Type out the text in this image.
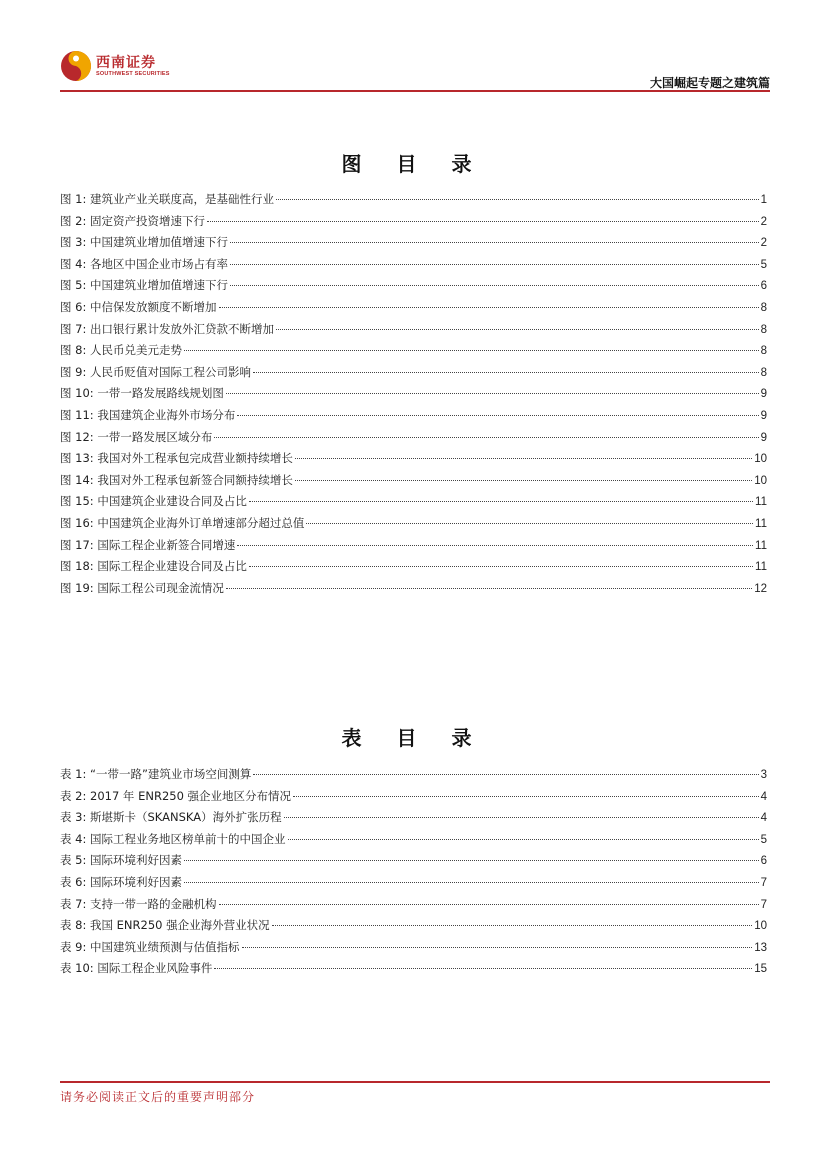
西南证券
SOUTHWEST SECURITIES
大国崛起专题之建筑篇
图 目 录
图 1: 建筑业产业关联度高，是基础性行业	1
图 2: 固定资产投资增速下行	2
图 3: 中国建筑业增加值增速下行	2
图 4: 各地区中国企业市场占有率	5
图 5: 中国建筑业增加值增速下行	6
图 6: 中信保发放额度不断增加	8
图 7: 出口银行累计发放外汇贷款不断增加	8
图 8: 人民币兑美元走势	8
图 9: 人民币贬值对国际工程公司影响	8
图 10: 一带一路发展路线规划图	9
图 11: 我国建筑企业海外市场分布	9
图 12: 一带一路发展区域分布	9
图 13: 我国对外工程承包完成营业额持续增长	10
图 14: 我国对外工程承包新签合同额持续增长	10
图 15: 中国建筑企业建设合同及占比	11
图 16: 中国建筑企业海外订单增速部分超过总值	11
图 17: 国际工程企业新签合同增速	11
图 18: 国际工程企业建设合同及占比	11
图 19: 国际工程公司现金流情况	12
表 目 录
表 1: “一带一路”建筑业市场空间测算	3
表 2: 2017 年 ENR250 强企业地区分布情况	4
表 3: 斯堪斯卡（SKANSKA）海外扩张历程	4
表 4: 国际工程业务地区榜单前十的中国企业	5
表 5: 国际环境利好因素	6
表 6: 国际环境利好因素	7
表 7: 支持一带一路的金融机构	7
表 8: 我国 ENR250 强企业海外营业状况	10
表 9: 中国建筑业绩预测与估值指标	13
表 10: 国际工程企业风险事件	15
请务必阅读正文后的重要声明部分
